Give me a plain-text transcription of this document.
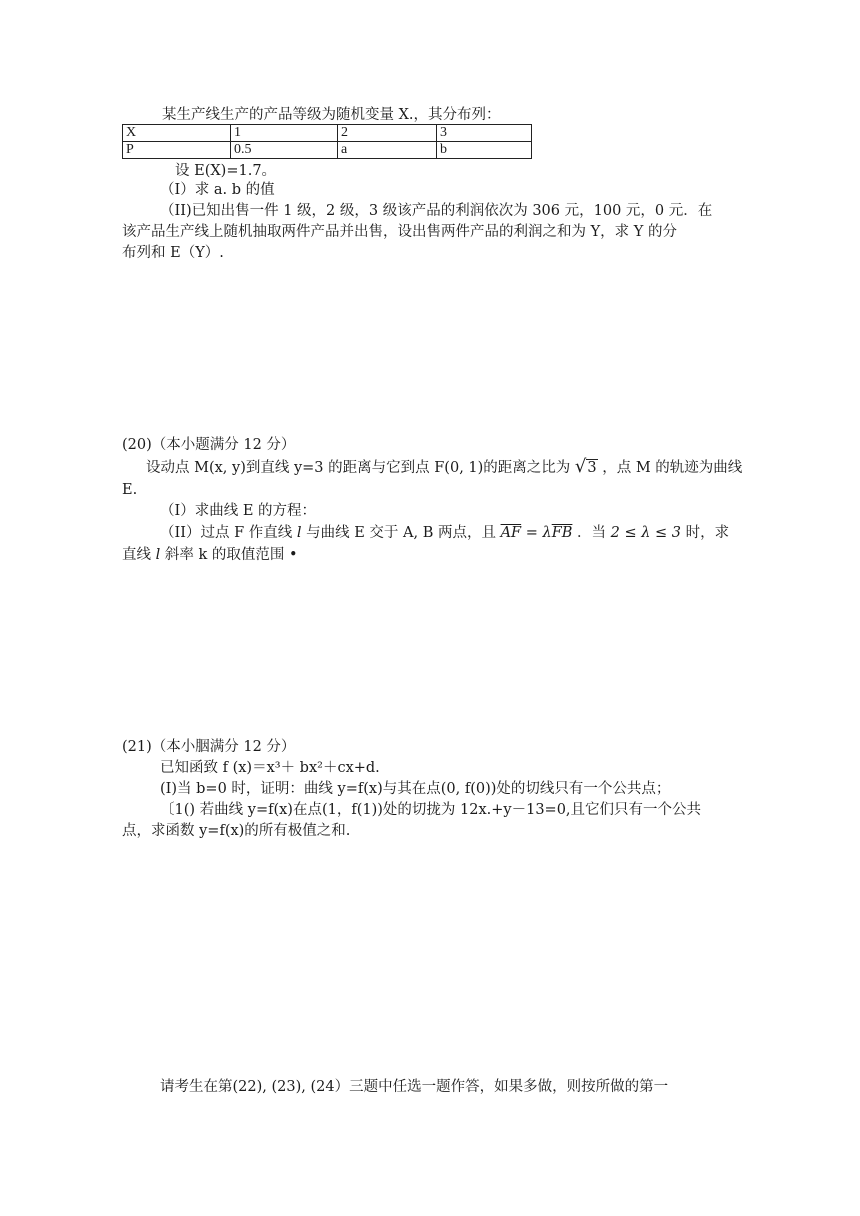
某生产线生产的产品等级为随机变量 X.，其分布列：
X	1	2	3
P	0.5	a	b
设 E(X)=1.7。
（I）求 a. b 的值
（II)已知出售一件 1 级，2 级，3 级该产品的利润依次为 306 元，100 元，0 元．在
该产品生产线上随机抽取两件产品并出售，设出售两件产品的利润之和为 Y，求 Y 的分
布列和 E（Y）.
(20)（本小题满分 12 分）
设动点 M(x, y)到直线 y=3 的距离与它到点 F(0, 1)的距离之比为 √3 ，点 M 的轨迹为曲线
E.
（I）求曲线 E 的方程：
（II）过点 F 作直线 l 与曲线 E 交于 A, B 两点，且 $\overline{AF} = \lambda\overline{FB}$ ．当 2 ≤ λ ≤ 3 时，求
直线 l 斜率 k 的取值范围 •
(21)（本小胭满分 12 分）
已知函致 f (x)＝x³＋ bx²＋cx+d.
(I)当 b=0 时，证明：曲线 y=f(x)与其在点(0, f(0))处的切线只有一个公共点；
〔1() 若曲线 y=f(x)在点(1，f(1))处的切拢为 12x.+y－13=0,且它们只有一个公共
点，求函数 y=f(x)的所有极值之和.
请考生在第(22), (23), (24）三题中任选一题作答，如果多做，则按所做的第一
